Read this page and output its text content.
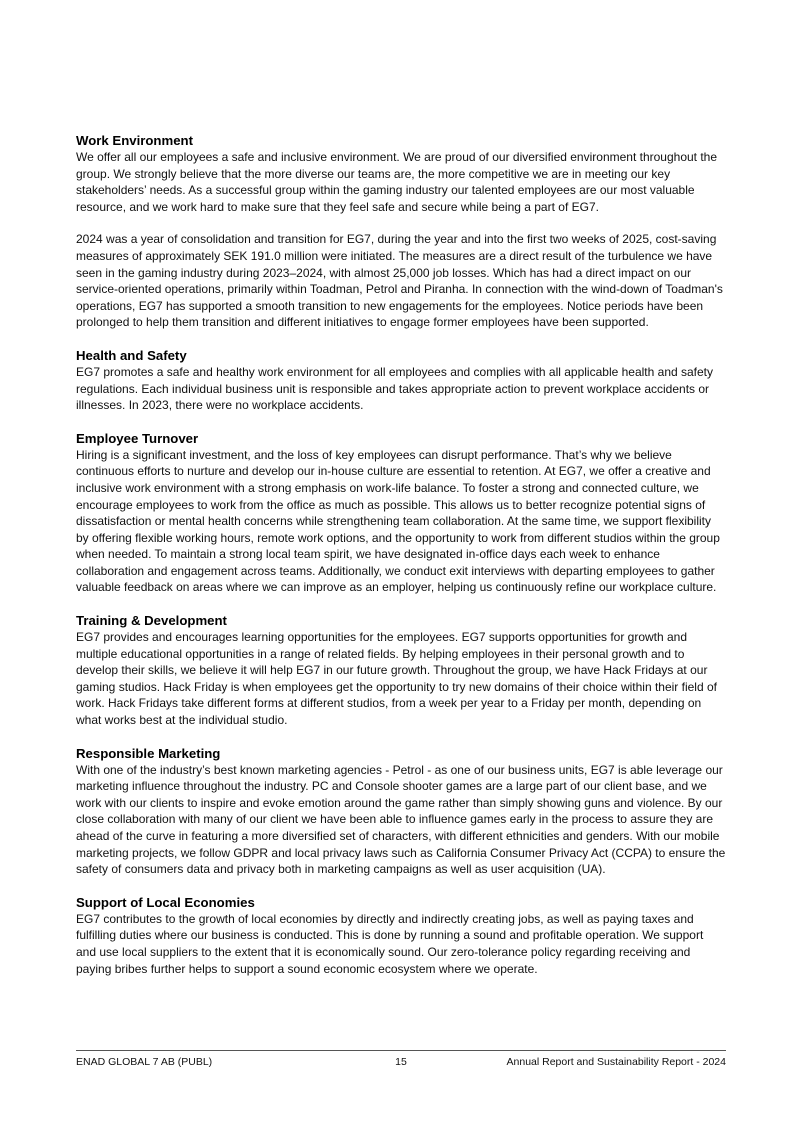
Work Environment

We offer all our employees a safe and inclusive environment. We are proud of our diversified environment throughout the group. We strongly believe that the more diverse our teams are, the more competitive we are in meeting our key stakeholders’ needs. As a successful group within the gaming industry our talented employees are our most valuable resource, and we work hard to make sure that they feel safe and secure while being a part of EG7.

2024 was a year of consolidation and transition for EG7, during the year and into the first two weeks of 2025, cost-saving measures of approximately SEK 191.0 million were initiated. The measures are a direct result of the turbulence we have seen in the gaming industry during 2023–2024, with almost 25,000 job losses. Which has had a direct impact on our service-oriented operations, primarily within Toadman, Petrol and Piranha. In connection with the wind-down of Toadman's operations, EG7 has supported a smooth transition to new engagements for the employees. Notice periods have been prolonged to help them transition and different initiatives to engage former employees have been supported.

Health and Safety

EG7 promotes a safe and healthy work environment for all employees and complies with all applicable health and safety regulations. Each individual business unit is responsible and takes appropriate action to prevent workplace accidents or illnesses. In 2023, there were no workplace accidents.

Employee Turnover

Hiring is a significant investment, and the loss of key employees can disrupt performance. That’s why we believe continuous efforts to nurture and develop our in-house culture are essential to retention. At EG7, we offer a creative and inclusive work environment with a strong emphasis on work-life balance. To foster a strong and connected culture, we encourage employees to work from the office as much as possible. This allows us to better recognize potential signs of dissatisfaction or mental health concerns while strengthening team collaboration. At the same time, we support flexibility by offering flexible working hours, remote work options, and the opportunity to work from different studios within the group when needed. To maintain a strong local team spirit, we have designated in-office days each week to enhance collaboration and engagement across teams. Additionally, we conduct exit interviews with departing employees to gather valuable feedback on areas where we can improve as an employer, helping us continuously refine our workplace culture.

Training & Development

EG7 provides and encourages learning opportunities for the employees. EG7 supports opportunities for growth and multiple educational opportunities in a range of related fields. By helping employees in their personal growth and to develop their skills, we believe it will help EG7 in our future growth. Throughout the group, we have Hack Fridays at our gaming studios. Hack Friday is when employees get the opportunity to try new domains of their choice within their field of work. Hack Fridays take different forms at different studios, from a week per year to a Friday per month, depending on what works best at the individual studio.

Responsible Marketing

With one of the industry’s best known marketing agencies - Petrol - as one of our business units, EG7 is able leverage our marketing influence throughout the industry. PC and Console shooter games are a large part of our client base, and we work with our clients to inspire and evoke emotion around the game rather than simply showing guns and violence. By our close collaboration with many of our client we have been able to influence games early in the process to assure they are ahead of the curve in featuring a more diversified set of characters, with different ethnicities and genders. With our mobile marketing projects, we follow GDPR and local privacy laws such as California Consumer Privacy Act (CCPA) to ensure the safety of consumers data and privacy both in marketing campaigns as well as user acquisition (UA).

Support of Local Economies

EG7 contributes to the growth of local economies by directly and indirectly creating jobs, as well as paying taxes and fulfilling duties where our business is conducted. This is done by running a sound and profitable operation. We support and use local suppliers to the extent that it is economically sound. Our zero-tolerance policy regarding receiving and paying bribes further helps to support a sound economic ecosystem where we operate.

ENAD GLOBAL 7 AB (PUBL)	15	Annual Report and Sustainability Report - 2024
